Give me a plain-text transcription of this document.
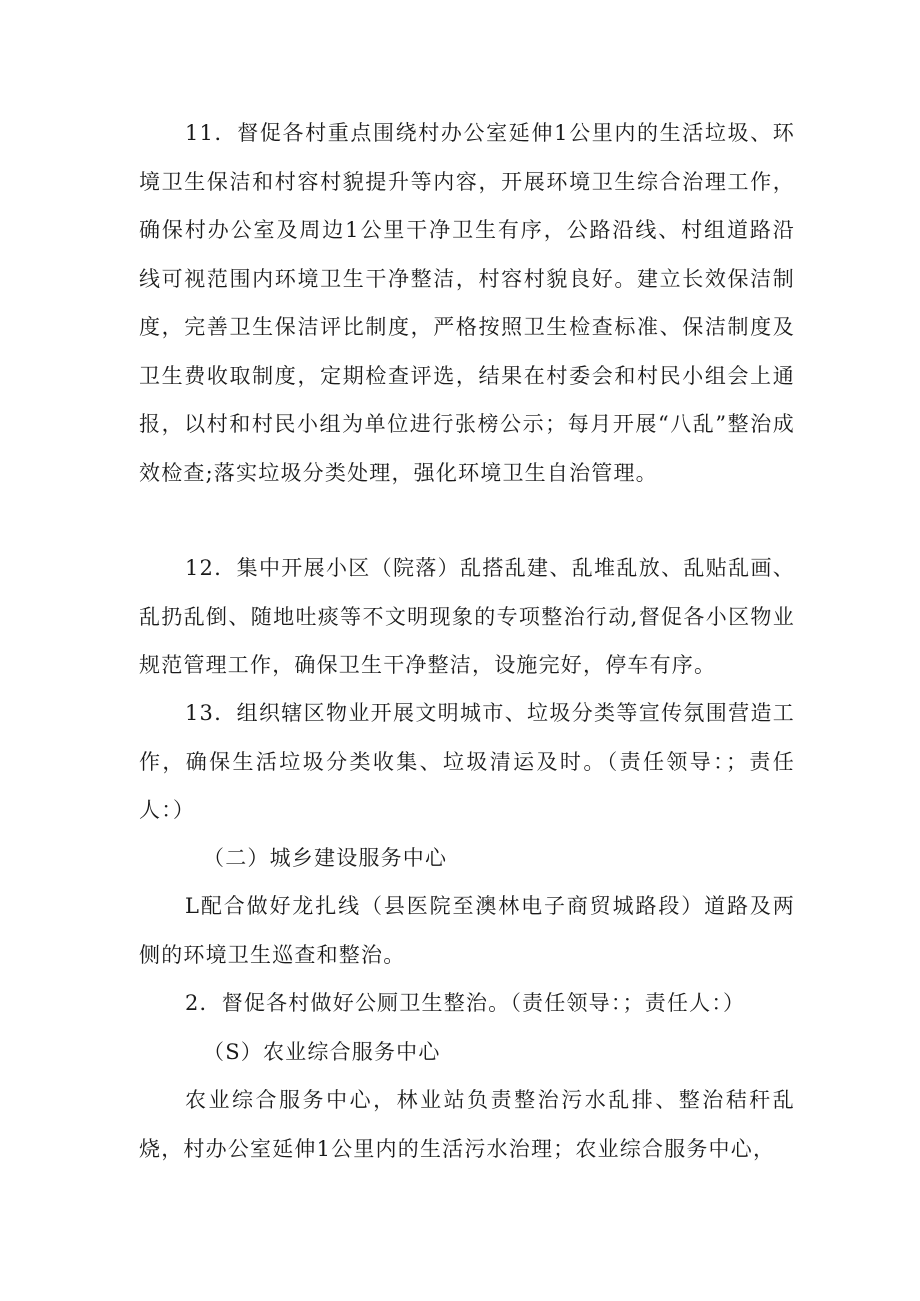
11．督促各村重点围绕村办公室延伸1公里内的生活垃圾、环境卫生保洁和村容村貌提升等内容，开展环境卫生综合治理工作，确保村办公室及周边1公里干净卫生有序，公路沿线、村组道路沿线可视范围内环境卫生干净整洁，村容村貌良好。建立长效保洁制度，完善卫生保洁评比制度，严格按照卫生检查标准、保洁制度及卫生费收取制度，定期检查评选，结果在村委会和村民小组会上通报，以村和村民小组为单位进行张榜公示；每月开展“八乱”整治成效检查;落实垃圾分类处理，强化环境卫生自治管理。

12．集中开展小区（院落）乱搭乱建、乱堆乱放、乱贴乱画、乱扔乱倒、随地吐痰等不文明现象的专项整治行动,督促各小区物业规范管理工作，确保卫生干净整洁，设施完好，停车有序。

13．组织辖区物业开展文明城市、垃圾分类等宣传氛围营造工作，确保生活垃圾分类收集、垃圾清运及时。（责任领导：；责任人：）

（二）城乡建设服务中心

L配合做好龙扎线（县医院至澳林电子商贸城路段）道路及两侧的环境卫生巡查和整治。

2．督促各村做好公厕卫生整治。（责任领导：；责任人：）

（S）农业综合服务中心

农业综合服务中心，林业站负责整治污水乱排、整治秸秆乱烧，村办公室延伸1公里内的生活污水治理；农业综合服务中心，
